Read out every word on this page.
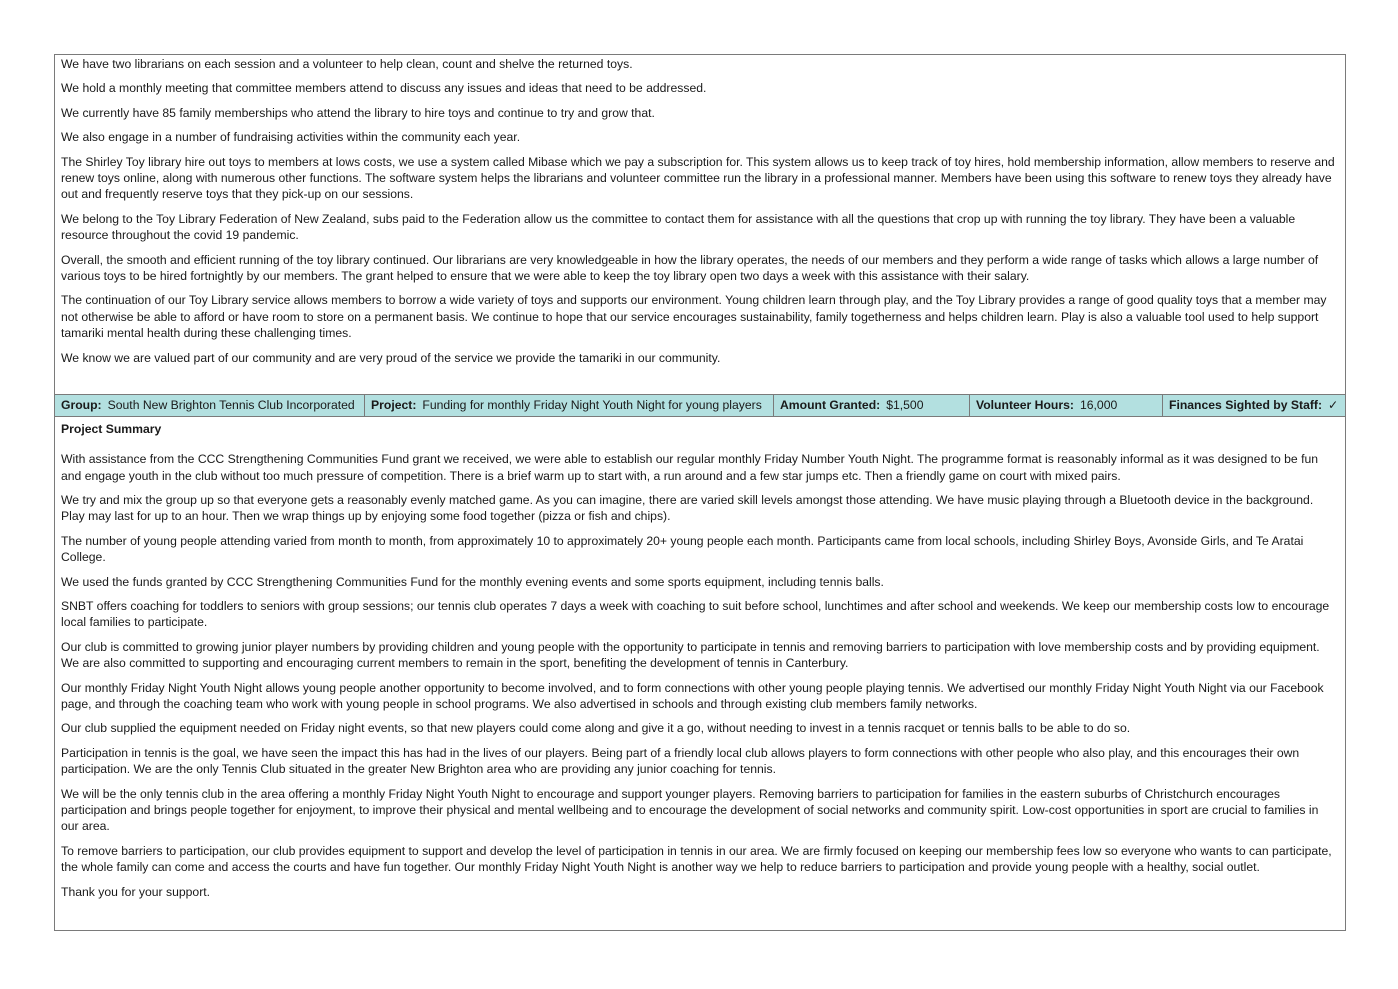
We have two librarians on each session and a volunteer to help clean, count and shelve the returned toys.

We hold a monthly meeting that committee members attend to discuss any issues and ideas that need to be addressed.

We currently have 85 family memberships who attend the library to hire toys and continue to try and grow that.

We also engage in a number of fundraising activities within the community each year.

The Shirley Toy library hire out toys to members at lows costs, we use a system called Mibase which we pay a subscription for. This system allows us to keep track of toy hires, hold membership information, allow members to reserve and renew toys online, along with numerous other functions. The software system helps the librarians and volunteer committee run the library in a professional manner. Members have been using this software to renew toys they already have out and frequently reserve toys that they pick-up on our sessions.

We belong to the Toy Library Federation of New Zealand, subs paid to the Federation allow us the committee to contact them for assistance with all the questions that crop up with running the toy library. They have been a valuable resource throughout the covid 19 pandemic.

Overall, the smooth and efficient running of the toy library continued. Our librarians are very knowledgeable in how the library operates, the needs of our members and they perform a wide range of tasks which allows a large number of various toys to be hired fortnightly by our members. The grant helped to ensure that we were able to keep the toy library open two days a week with this assistance with their salary.

The continuation of our Toy Library service allows members to borrow a wide variety of toys and supports our environment. Young children learn through play, and the Toy Library provides a range of good quality toys that a member may not otherwise be able to afford or have room to store on a permanent basis. We continue to hope that our service encourages sustainability, family togetherness and helps children learn. Play is also a valuable tool used to help support tamariki mental health during these challenging times.

We know we are valued part of our community and are very proud of the service we provide the tamariki in our community.

Group: South New Brighton Tennis Club Incorporated	Project: Funding for monthly Friday Night Youth Night for young players	Amount Granted: $1,500	Volunteer Hours: 16,000	Finances Sighted by Staff: ✓
Project Summary

With assistance from the CCC Strengthening Communities Fund grant we received, we were able to establish our regular monthly Friday Number Youth Night. The programme format is reasonably informal as it was designed to be fun and engage youth in the club without too much pressure of competition. There is a brief warm up to start with, a run around and a few star jumps etc. Then a friendly game on court with mixed pairs.

We try and mix the group up so that everyone gets a reasonably evenly matched game. As you can imagine, there are varied skill levels amongst those attending. We have music playing through a Bluetooth device in the background. Play may last for up to an hour. Then we wrap things up by enjoying some food together (pizza or fish and chips).

The number of young people attending varied from month to month, from approximately 10 to approximately 20+ young people each month. Participants came from local schools, including Shirley Boys, Avonside Girls, and Te Aratai College.

We used the funds granted by CCC Strengthening Communities Fund for the monthly evening events and some sports equipment, including tennis balls.

SNBT offers coaching for toddlers to seniors with group sessions; our tennis club operates 7 days a week with coaching to suit before school, lunchtimes and after school and weekends. We keep our membership costs low to encourage local families to participate.

Our club is committed to growing junior player numbers by providing children and young people with the opportunity to participate in tennis and removing barriers to participation with love membership costs and by providing equipment. We are also committed to supporting and encouraging current members to remain in the sport, benefiting the development of tennis in Canterbury.

Our monthly Friday Night Youth Night allows young people another opportunity to become involved, and to form connections with other young people playing tennis. We advertised our monthly Friday Night Youth Night via our Facebook page, and through the coaching team who work with young people in school programs. We also advertised in schools and through existing club members family networks.

Our club supplied the equipment needed on Friday night events, so that new players could come along and give it a go, without needing to invest in a tennis racquet or tennis balls to be able to do so.

Participation in tennis is the goal, we have seen the impact this has had in the lives of our players. Being part of a friendly local club allows players to form connections with other people who also play, and this encourages their own participation. We are the only Tennis Club situated in the greater New Brighton area who are providing any junior coaching for tennis.

We will be the only tennis club in the area offering a monthly Friday Night Youth Night to encourage and support younger players. Removing barriers to participation for families in the eastern suburbs of Christchurch encourages participation and brings people together for enjoyment, to improve their physical and mental wellbeing and to encourage the development of social networks and community spirit. Low-cost opportunities in sport are crucial to families in our area.

To remove barriers to participation, our club provides equipment to support and develop the level of participation in tennis in our area. We are firmly focused on keeping our membership fees low so everyone who wants to can participate, the whole family can come and access the courts and have fun together. Our monthly Friday Night Youth Night is another way we help to reduce barriers to participation and provide young people with a healthy, social outlet.

Thank you for your support.
